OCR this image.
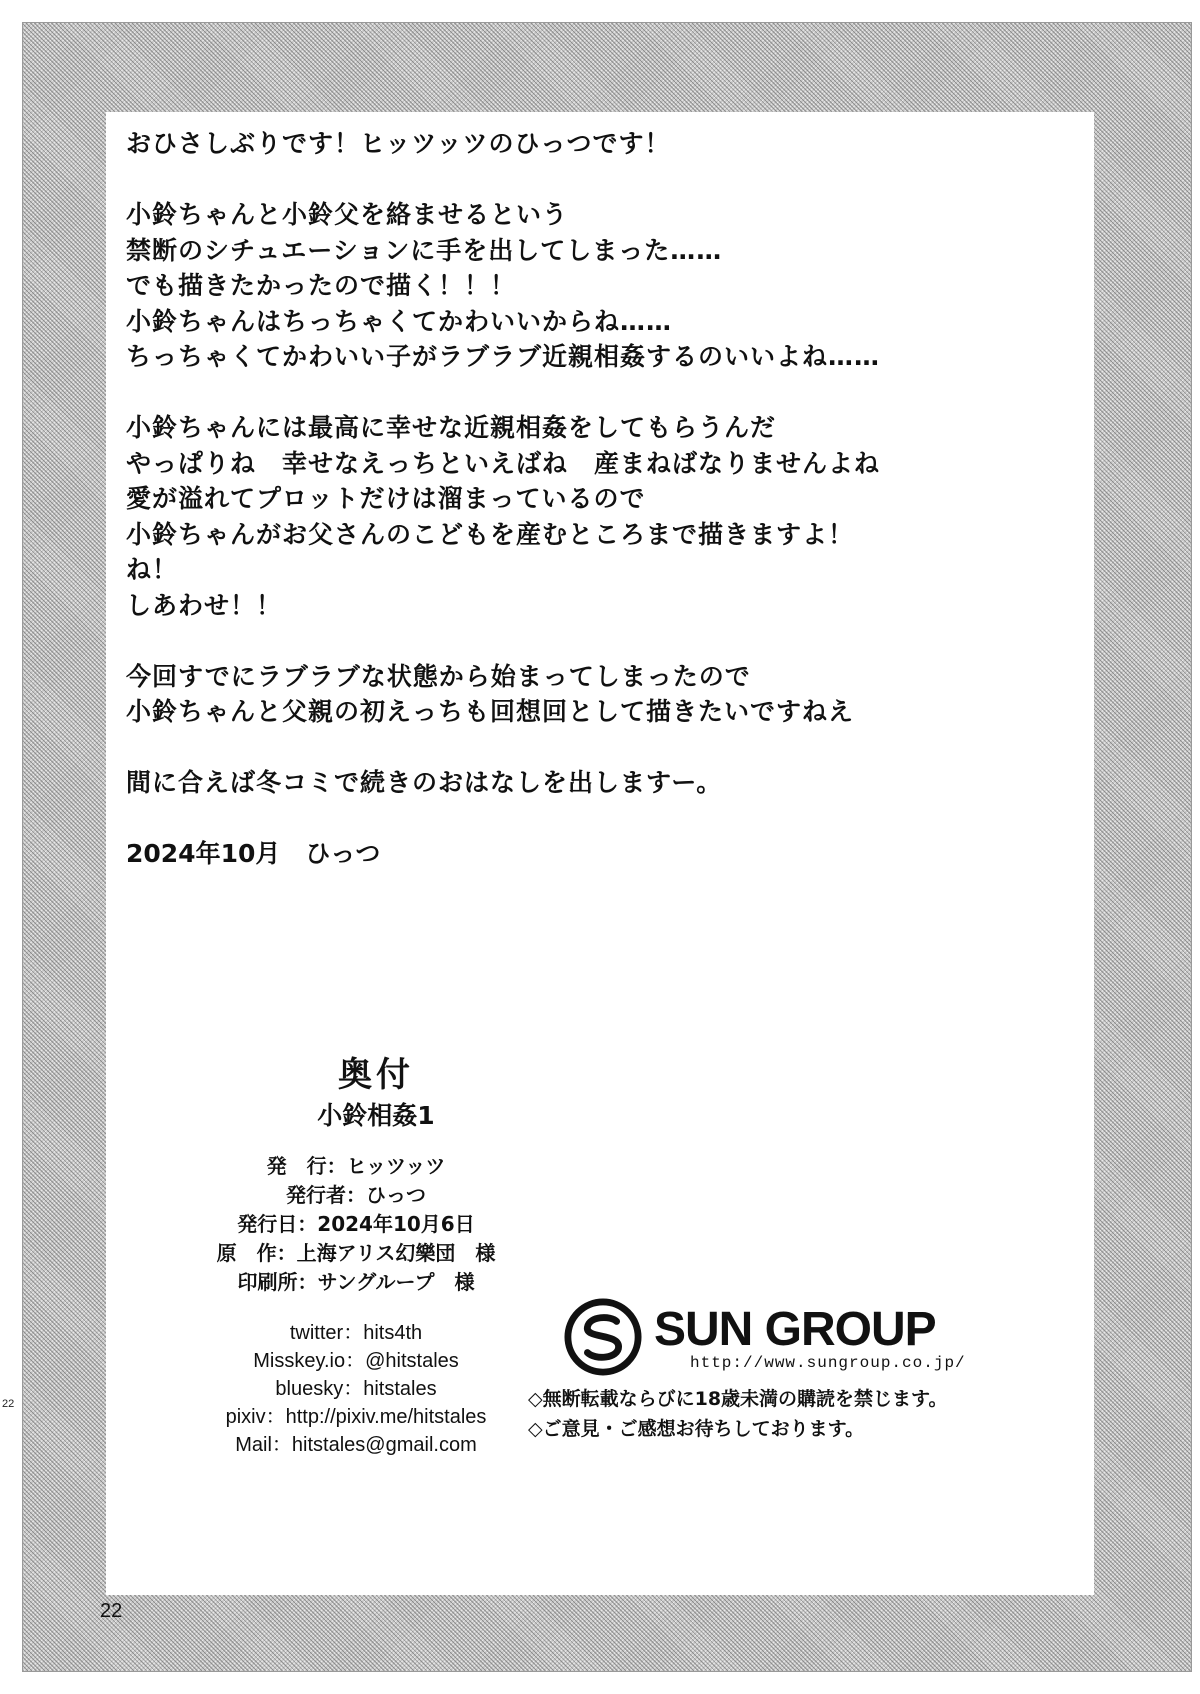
おひさしぶりです！ヒッツッツのひっつです！
小鈴ちゃんと小鈴父を絡ませるという
禁断のシチュエーションに手を出してしまった……
でも描きたかったので描く！！！
小鈴ちゃんはちっちゃくてかわいいからね……
ちっちゃくてかわいい子がラブラブ近親相姦するのいいよね……
小鈴ちゃんには最高に幸せな近親相姦をしてもらうんだ
やっぱりね　幸せなえっちといえばね　産まねばなりませんよね
愛が溢れてプロットだけは溜まっているので
小鈴ちゃんがお父さんのこどもを産むところまで描きますよ！
ね！
しあわせ！！
今回すでにラブラブな状態から始まってしまったので
小鈴ちゃんと父親の初えっちも回想回として描きたいですねえ
間に合えば冬コミで続きのおはなしを出しますー。
2024年10月　ひっつ
奥付
小鈴相姦1
発　行：ヒッツッツ
発行者：ひっつ
発行日：2024年10月6日
原　作：上海アリス幻樂団　様
印刷所：サングループ　様
twitter：hits4th
Misskey.io：@hitstales
bluesky：hitstales
pixiv：http://pixiv.me/hitstales
Mail：hitstales@gmail.com
SUN GROUP
http://www.sungroup.co.jp/
◇無断転載ならびに18歳未満の購読を禁じます。
◇ご意見・ご感想お待ちしております。
22
22
